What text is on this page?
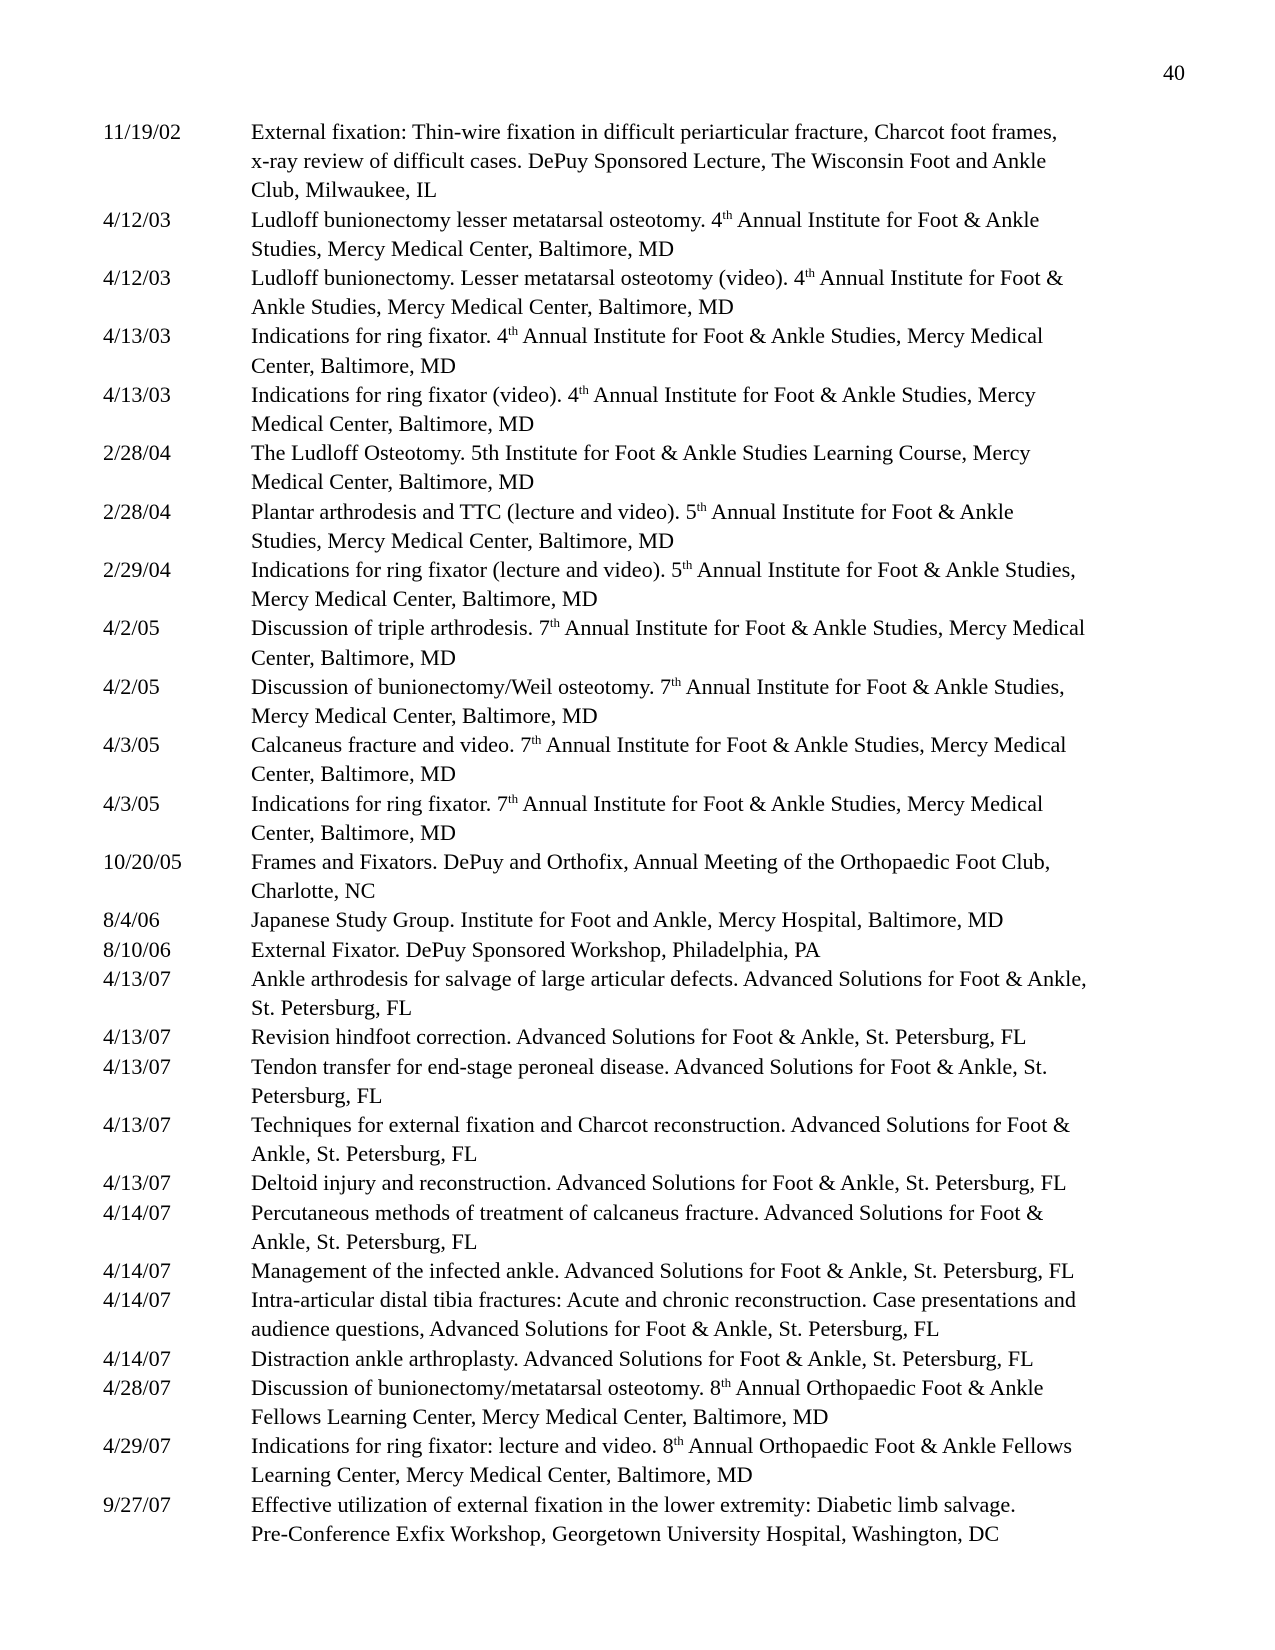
40
11/19/02	External fixation: Thin-wire fixation in difficult periarticular fracture, Charcot foot frames,
x-ray review of difficult cases. DePuy Sponsored Lecture, The Wisconsin Foot and Ankle
Club, Milwaukee, IL
4/12/03	Ludloff bunionectomy lesser metatarsal osteotomy. 4th Annual Institute for Foot & Ankle
Studies, Mercy Medical Center, Baltimore, MD
4/12/03	Ludloff bunionectomy. Lesser metatarsal osteotomy (video). 4th Annual Institute for Foot &
Ankle Studies, Mercy Medical Center, Baltimore, MD
4/13/03	Indications for ring fixator. 4th Annual Institute for Foot & Ankle Studies, Mercy Medical
Center, Baltimore, MD
4/13/03	Indications for ring fixator (video). 4th Annual Institute for Foot & Ankle Studies, Mercy
Medical Center, Baltimore, MD
2/28/04	The Ludloff Osteotomy. 5th Institute for Foot & Ankle Studies Learning Course, Mercy
Medical Center, Baltimore, MD
2/28/04	Plantar arthrodesis and TTC (lecture and video). 5th Annual Institute for Foot & Ankle
Studies, Mercy Medical Center, Baltimore, MD
2/29/04	Indications for ring fixator (lecture and video). 5th Annual Institute for Foot & Ankle Studies,
Mercy Medical Center, Baltimore, MD
4/2/05	Discussion of triple arthrodesis. 7th Annual Institute for Foot & Ankle Studies, Mercy Medical
Center, Baltimore, MD
4/2/05	Discussion of bunionectomy/Weil osteotomy. 7th Annual Institute for Foot & Ankle Studies,
Mercy Medical Center, Baltimore, MD
4/3/05	Calcaneus fracture and video. 7th Annual Institute for Foot & Ankle Studies, Mercy Medical
Center, Baltimore, MD
4/3/05	Indications for ring fixator. 7th Annual Institute for Foot & Ankle Studies, Mercy Medical
Center, Baltimore, MD
10/20/05	Frames and Fixators. DePuy and Orthofix, Annual Meeting of the Orthopaedic Foot Club,
Charlotte, NC
8/4/06	Japanese Study Group. Institute for Foot and Ankle, Mercy Hospital, Baltimore, MD
8/10/06	External Fixator. DePuy Sponsored Workshop, Philadelphia, PA
4/13/07	Ankle arthrodesis for salvage of large articular defects. Advanced Solutions for Foot & Ankle,
St. Petersburg, FL
4/13/07	Revision hindfoot correction. Advanced Solutions for Foot & Ankle, St. Petersburg, FL
4/13/07	Tendon transfer for end-stage peroneal disease. Advanced Solutions for Foot & Ankle, St.
Petersburg, FL
4/13/07	Techniques for external fixation and Charcot reconstruction. Advanced Solutions for Foot &
Ankle, St. Petersburg, FL
4/13/07	Deltoid injury and reconstruction. Advanced Solutions for Foot & Ankle, St. Petersburg, FL
4/14/07	Percutaneous methods of treatment of calcaneus fracture. Advanced Solutions for Foot &
Ankle, St. Petersburg, FL
4/14/07	Management of the infected ankle. Advanced Solutions for Foot & Ankle, St. Petersburg, FL
4/14/07	Intra-articular distal tibia fractures: Acute and chronic reconstruction. Case presentations and
audience questions, Advanced Solutions for Foot & Ankle, St. Petersburg, FL
4/14/07	Distraction ankle arthroplasty. Advanced Solutions for Foot & Ankle, St. Petersburg, FL
4/28/07	Discussion of bunionectomy/metatarsal osteotomy. 8th Annual Orthopaedic Foot & Ankle
Fellows Learning Center, Mercy Medical Center, Baltimore, MD
4/29/07	Indications for ring fixator: lecture and video. 8th Annual Orthopaedic Foot & Ankle Fellows
Learning Center, Mercy Medical Center, Baltimore, MD
9/27/07	Effective utilization of external fixation in the lower extremity: Diabetic limb salvage.
Pre-Conference Exfix Workshop, Georgetown University Hospital, Washington, DC
